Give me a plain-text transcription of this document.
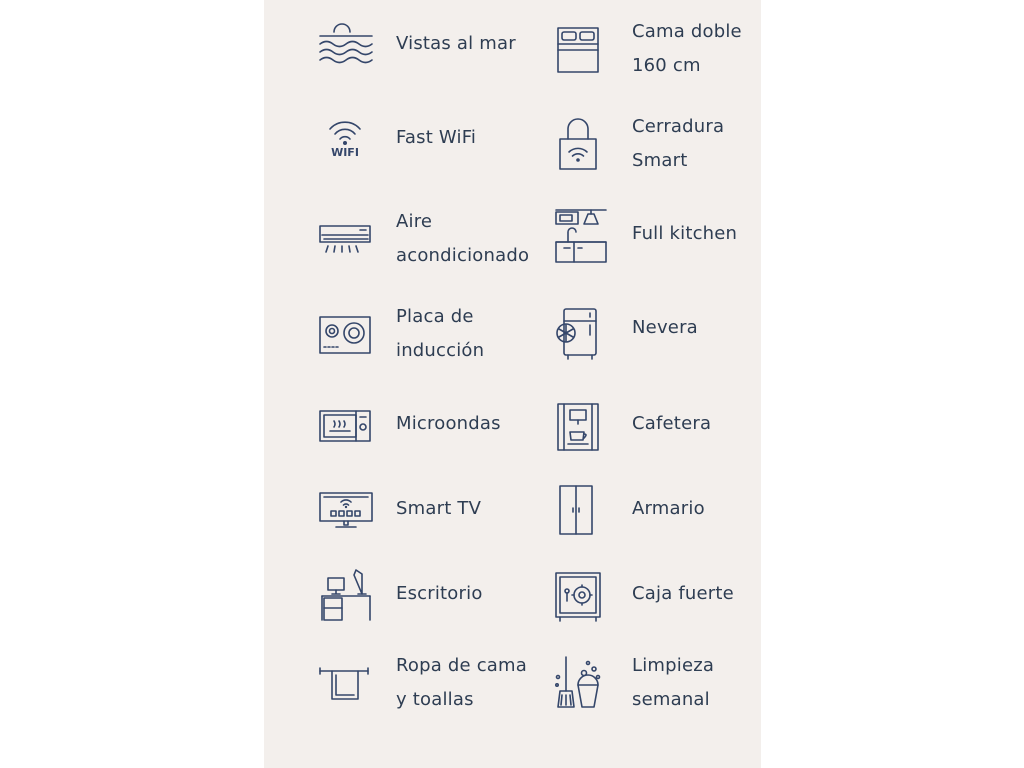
Vistas al mar
Cama doble
160 cm
WIFI
Fast WiFi
Cerradura
Smart
Aire
acondicionado
Full kitchen
Placa de
inducción
Nevera
Microondas	Cafetera
Smart TV	Armario
Escritorio	Caja fuerte
Ropa de cama
y toallas
Limpieza
semanal
